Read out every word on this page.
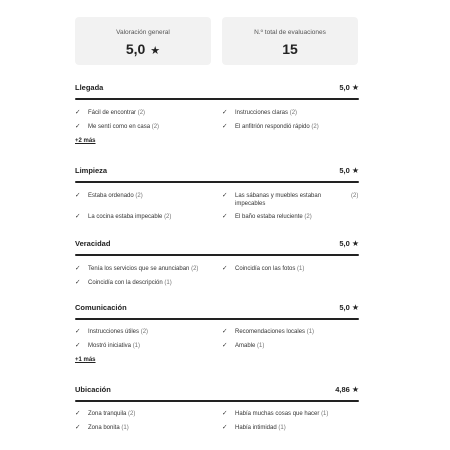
Valoración general
5,0 ★
N.º total de evaluaciones
15
Llegada	5,0 ★
✓	Fácil de encontrar (2)	✓	Instrucciones claras (2)
✓	Me sentí como en casa (2)	✓	El anfitrión respondió rápido (2)
+2 más
Limpieza	5,0 ★
✓	Estaba ordenado (2)	✓	Las sábanas y muebles estaban impecables
(2)
✓	La cocina estaba impecable (2)	✓	El baño estaba reluciente (2)
Veracidad	5,0 ★
✓	Tenía los servicios que se anunciaban (2)	✓	Coincidía con las fotos (1)
✓	Coincidía con la descripción (1)
Comunicación	5,0 ★
✓	Instrucciones útiles (2)	✓	Recomendaciones locales (1)
✓	Mostró iniciativa (1)	✓	Amable (1)
+1 más
Ubicación	4,86 ★
✓	Zona tranquila (2)	✓	Había muchas cosas que hacer (1)
✓	Zona bonita (1)	✓	Había intimidad (1)
